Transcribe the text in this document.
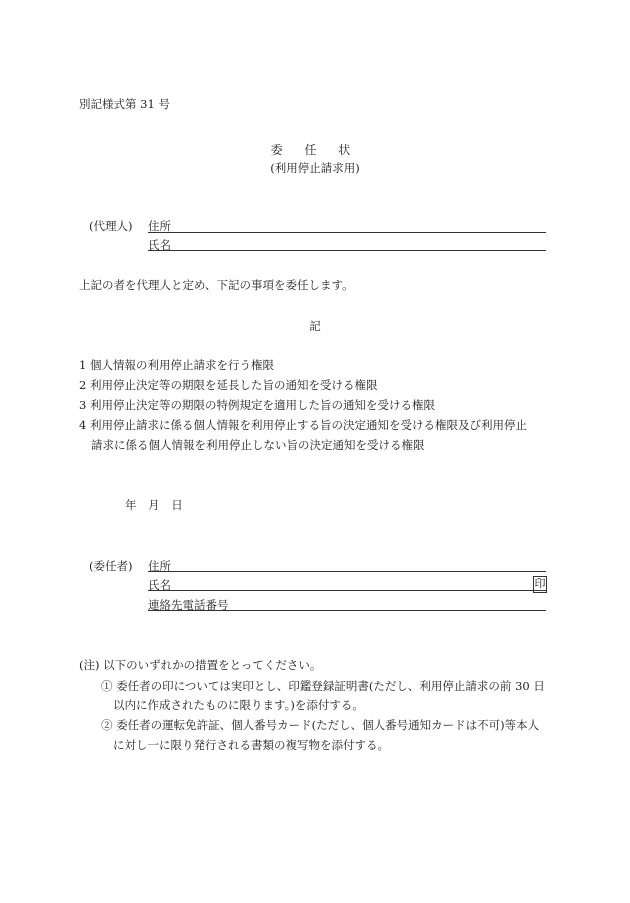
別記様式第 31 号
委 任 状
(利用停止請求用)
(代理人) 住所
氏名
上記の者を代理人と定め、下記の事項を委任します。
記
1 個人情報の利用停止請求を行う権限
2 利用停止決定等の期限を延長した旨の通知を受ける権限
3 利用停止決定等の期限の特例規定を適用した旨の通知を受ける権限
4 利用停止請求に係る個人情報を利用停止する旨の決定通知を受ける権限及び利用停止
請求に係る個人情報を利用停止しない旨の決定通知を受ける権限
年 月 日
(委任者) 住所
氏名	印
連絡先電話番号
(注) 以下のいずれかの措置をとってください。
① 委任者の印については実印とし、印鑑登録証明書(ただし、利用停止請求の前 30 日
以内に作成されたものに限ります。)を添付する。
② 委任者の運転免許証、個人番号カード(ただし、個人番号通知カードは不可)等本人
に対し一に限り発行される書類の複写物を添付する。
